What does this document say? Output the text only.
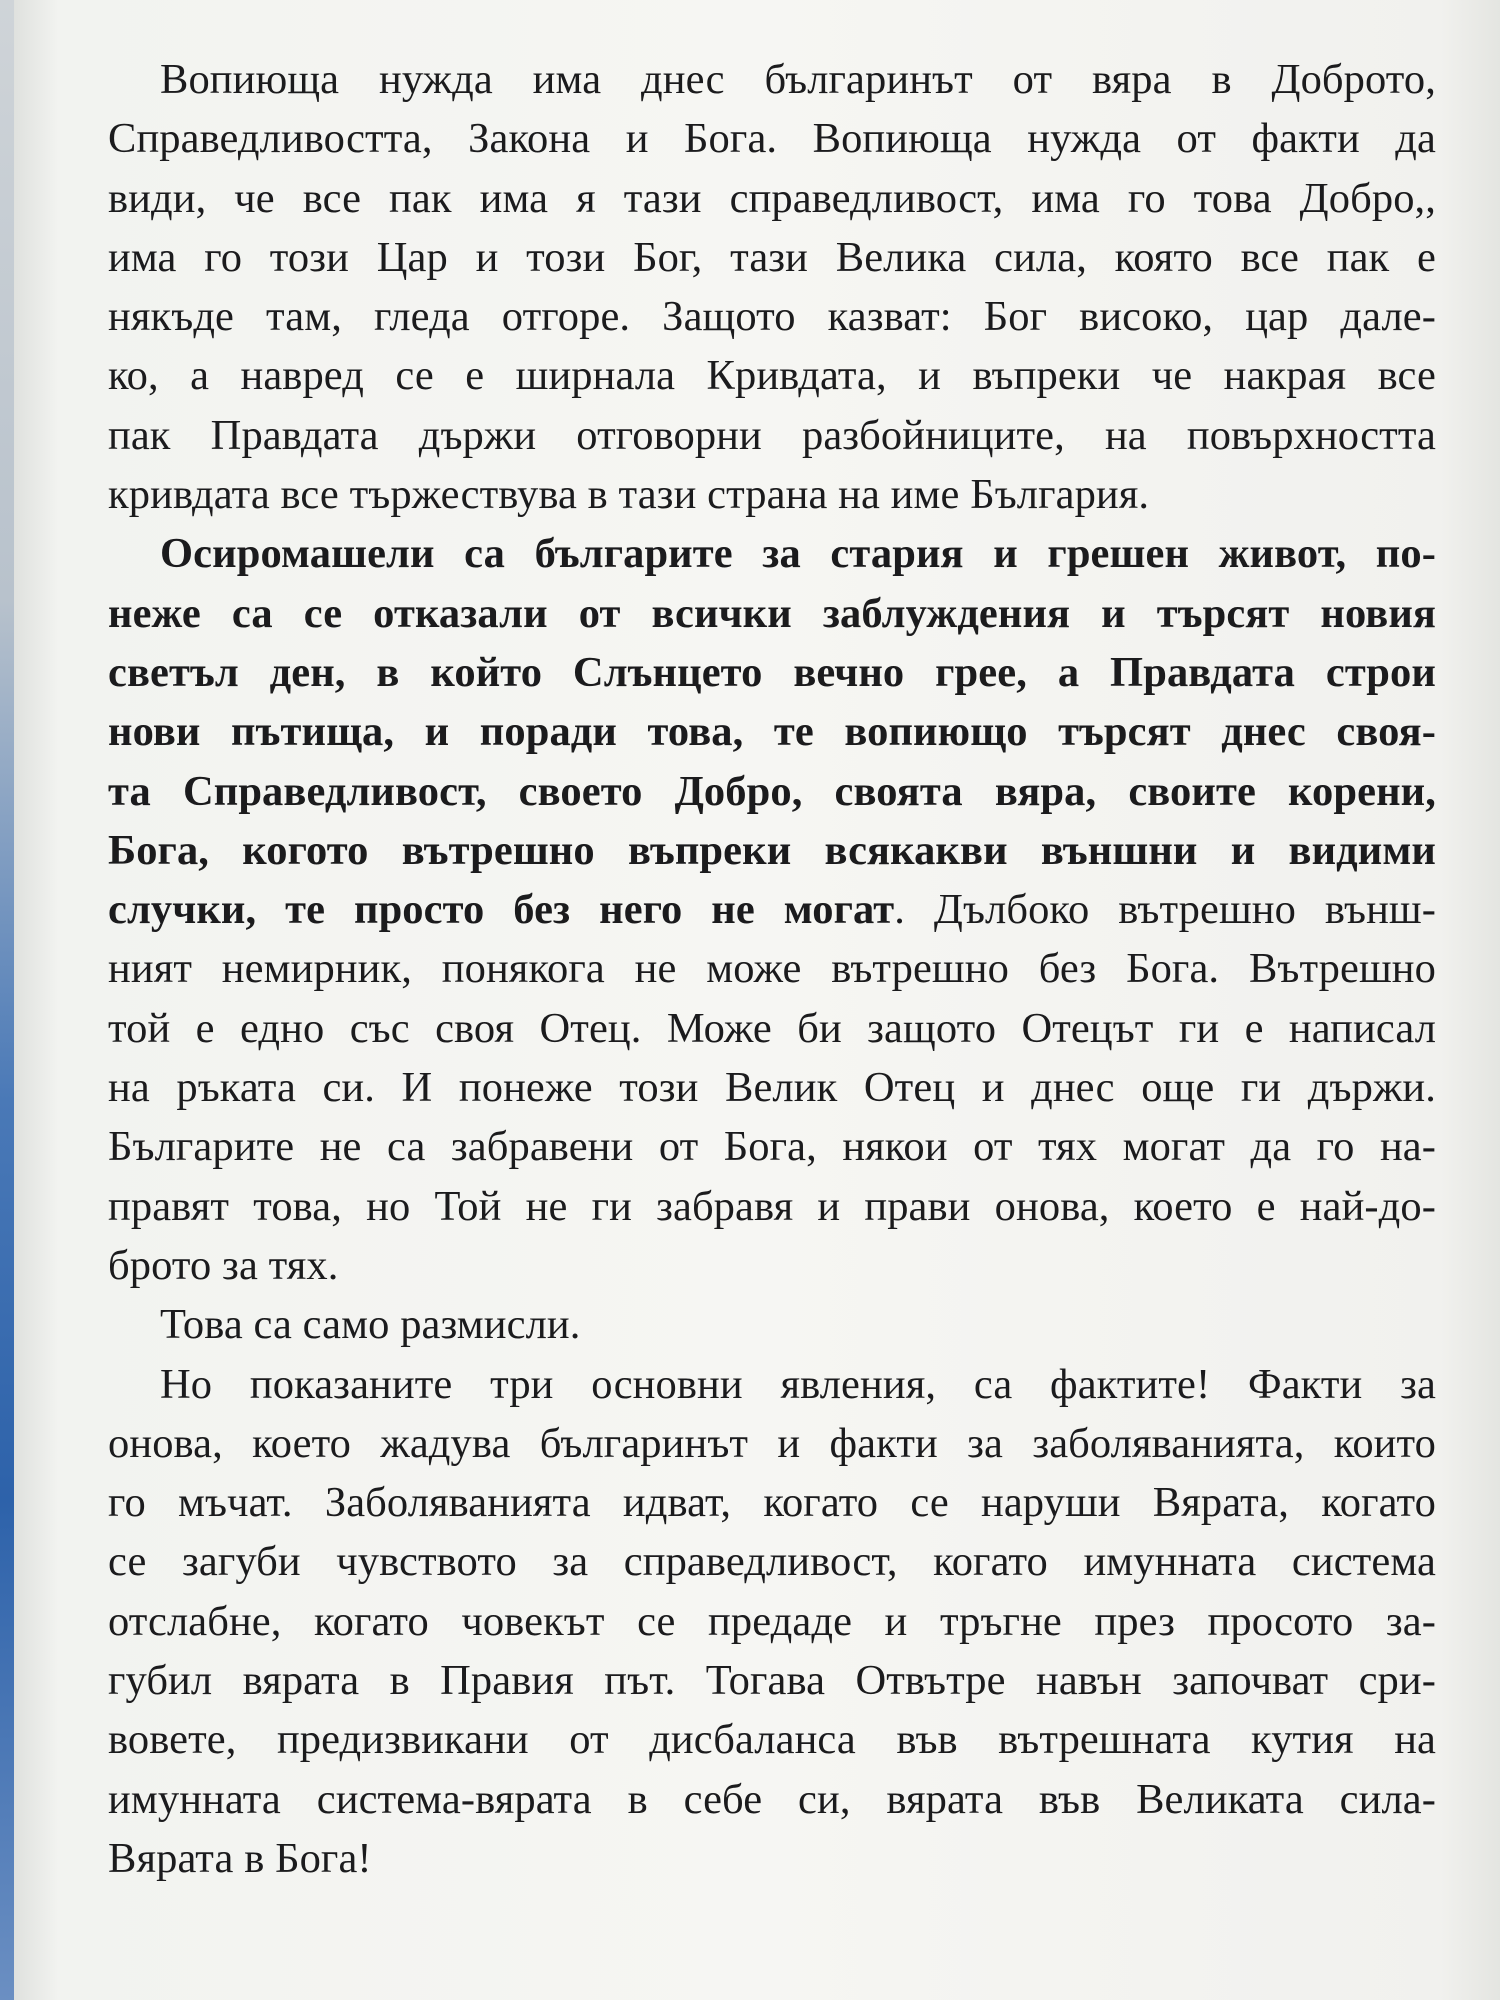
Вопиюща нужда има днес българинът от вяра в Доброто,
Справедливостта, Закона и Бога. Вопиюща нужда от факти да
види, че все пак има я тази справедливост, има го това Добро,,
има го този Цар и този Бог, тази Велика сила, която все пак е
някъде там, гледа отгоре. Защото казват: Бог високо, цар дале-
ко, а навред се е ширнала Кривдата, и въпреки че накрая все
пак Правдата държи отговорни разбойниците, на повърхността
кривдата все тържествува в тази страна на име България.
Осиромашели са българите за стария и грешен живот, по-
неже са се отказали от всички заблуждения и търсят новия
светъл ден, в който Слънцето вечно грее, а Правдата строи
нови пътища, и поради това, те вопиющо търсят днес своя-
та Справедливост, своето Добро, своята вяра, своите корени,
Бога, когото вътрешно въпреки всякакви външни и видими
случки, те просто без него не могат. Дълбоко вътрешно външ-
ният немирник, понякога не може вътрешно без Бога. Вътрешно
той е едно със своя Отец. Може би защото Отецът ги е написал
на ръката си. И понеже този Велик Отец и днес още ги държи.
Българите не са забравени от Бога, някои от тях могат да го на-
правят това, но Той не ги забравя и прави онова, което е най-до-
брото за тях.
Това са само размисли.
Но показаните три основни явления, са фактите! Факти за
онова, което жадува българинът и факти за заболяванията, които
го мъчат. Заболяванията идват, когато се наруши Вярата, когато
се загуби чувството за справедливост, когато имунната система
отслабне, когато човекът се предаде и тръгне през просото за-
губил вярата в Правия път. Тогава Отвътре навън започват сри-
вовете, предизвикани от дисбаланса във вътрешната кутия на
имунната система-вярата в себе си, вярата във Великата сила-
Вярата в Бога!
